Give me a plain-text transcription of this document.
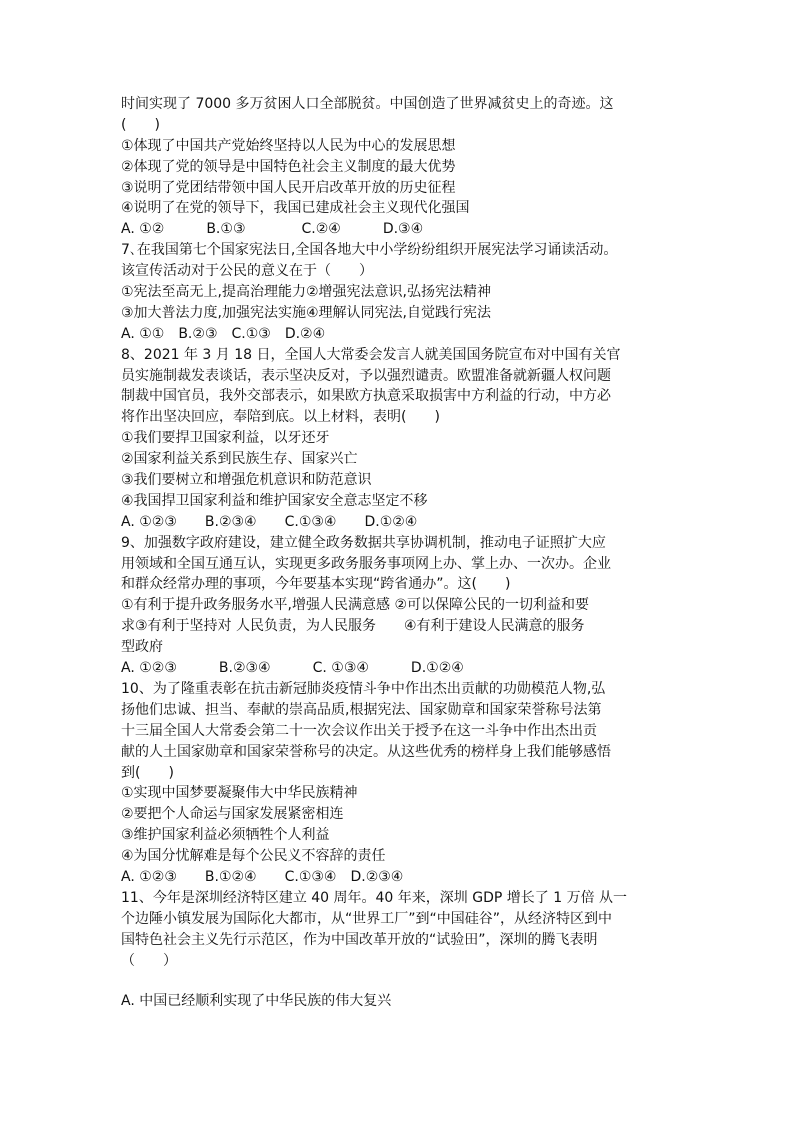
时间实现了 7000 多万贫困人口全部脱贫。中国创造了世界减贫史上的奇迹。这
(　　)
①体现了中国共产党始终坚持以人民为中心的发展思想
②体现了党的领导是中国特色社会主义制度的最大优势
③说明了党团结带领中国人民开启改革开放的历史征程
④说明了在党的领导下，我国已建成社会主义现代化强国
A. ①②　　　B.①③　　　　C.②④　　　D.③④
7､在我国第七个国家宪法日,全国各地大中小学纷纷组织开展宪法学习诵读活动。
该宣传活动对于公民的意义在于（　　）
①宪法至高无上,提高治理能力②增强宪法意识,弘扬宪法精神
③加大普法力度,加强宪法实施④理解认同宪法,自觉践行宪法
A. ①①　B.②③　C.①③　D.②④
8、2021 年 3 月 18 日，全国人大常委会发言人就美国国务院宣布对中国有关官
员实施制裁发表谈话，表示坚决反对，予以强烈谴责。欧盟准备就新疆人权问题
制裁中国官员，我外交部表示，如果欧方执意采取损害中方利益的行动，中方必
将作出坚决回应，奉陪到底。以上材料，表明(　　)
①我们要捍卫国家利益，以牙还牙
②国家利益关系到民族生存、国家兴亡
③我们要树立和增强危机意识和防范意识
④我国捍卫国家利益和维护国家安全意志坚定不移
A. ①②③　　B.②③④　　C.①③④　　D.①②④
9、加强数字政府建设，建立健全政务数据共享协调机制，推动电子证照扩大应
用领域和全国互通互认，实现更多政务服务事项网上办、掌上办、一次办。企业
和群众经常办理的事项，今年要基本实现“跨省通办”。这(　　)
①有利于提升政务服务水平,增强人民满意感 ②可以保障公民的一切利益和要
求③有利于坚持对 人民负责，为人民服务　　④有利于建设人民满意的服务
型政府
A. ①②③　　　B.②③④　　　C. ①③④　　　D.①②④
10、为了隆重表彰在抗击新冠肺炎疫情斗争中作出杰出贡献的功勋模范人物,弘
扬他们忠诚、担当、奉献的崇高品质,根据宪法、国家勋章和国家荣誉称号法第
十三届全国人大常委会第二十一次会议作出关于授予在这一斗争中作出杰出贡
献的人土国家勋章和国家荣誉称号的决定。从这些优秀的榜样身上我们能够感悟
到(　　)
①实现中国梦要凝聚伟大中华民族精神
②要把个人命运与国家发展紧密相连
③维护国家利益必须牺牲个人利益
④为国分忧解难是每个公民义不容辞的责任
A. ①②③　　B.①②④　　C.①③④　D.②③④
11、今年是深圳经济特区建立 40 周年。40 年来，深圳 GDP 增长了 1 万倍 从一
个边陲小镇发展为国际化大都市，从“世界工厂”到“中国硅谷”，从经济特区到中
国特色社会主义先行示范区，作为中国改革开放的“试验田”，深圳的腾飞表明
（　　）
A. 中国已经顺利实现了中华民族的伟大复兴
